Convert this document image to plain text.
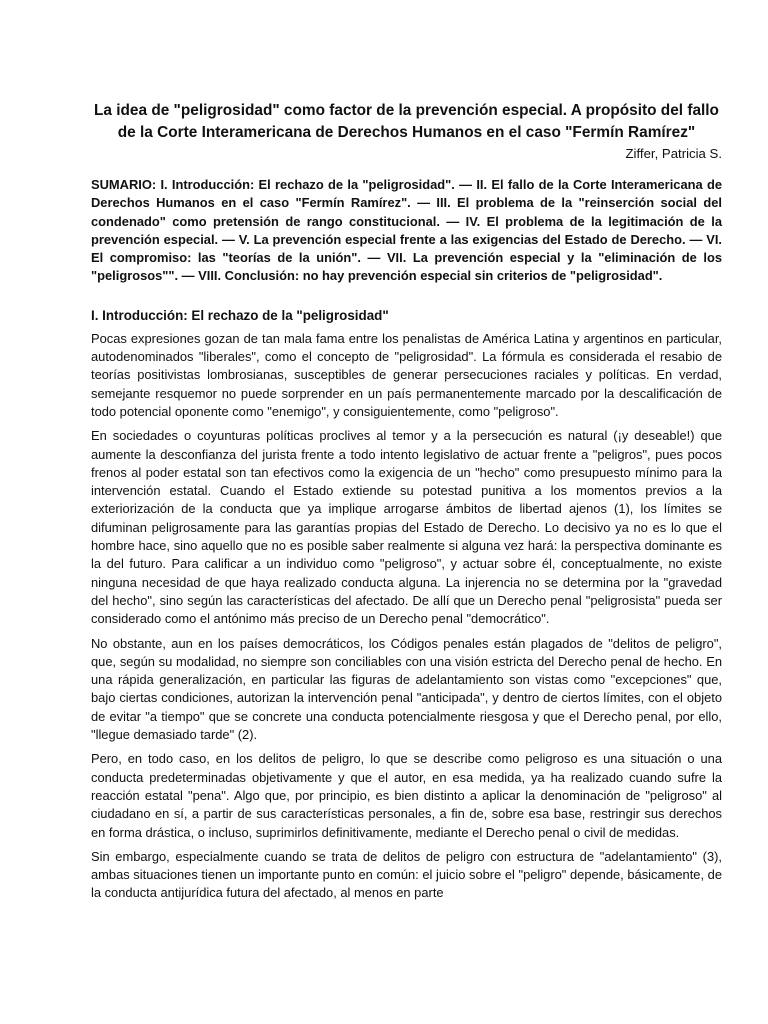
La idea de "peligrosidad" como factor de la prevención especial. A propósito del fallo de la Corte Interamericana de Derechos Humanos en el caso "Fermín Ramírez"

Ziffer, Patricia S.

SUMARIO: I. Introducción: El rechazo de la "peligrosidad". — II. El fallo de la Corte Interamericana de Derechos Humanos en el caso "Fermín Ramírez". — III. El problema de la "reinserción social del condenado" como pretensión de rango constitucional. — IV. El problema de la legitimación de la prevención especial. — V. La prevención especial frente a las exigencias del Estado de Derecho. — VI. El compromiso: las "teorías de la unión". — VII. La prevención especial y la "eliminación de los "peligrosos"". — VIII. Conclusión: no hay prevención especial sin criterios de "peligrosidad".

I. Introducción: El rechazo de la "peligrosidad"

Pocas expresiones gozan de tan mala fama entre los penalistas de América Latina y argentinos en particular, autodenominados "liberales", como el concepto de "peligrosidad". La fórmula es considerada el resabio de teorías positivistas lombrosianas, susceptibles de generar persecuciones raciales y políticas. En verdad, semejante resquemor no puede sorprender en un país permanentemente marcado por la descalificación de todo potencial oponente como "enemigo", y consiguientemente, como "peligroso".

En sociedades o coyunturas políticas proclives al temor y a la persecución es natural (¡y deseable!) que aumente la desconfianza del jurista frente a todo intento legislativo de actuar frente a "peligros", pues pocos frenos al poder estatal son tan efectivos como la exigencia de un "hecho" como presupuesto mínimo para la intervención estatal. Cuando el Estado extiende su potestad punitiva a los momentos previos a la exteriorización de la conducta que ya implique arrogarse ámbitos de libertad ajenos (1), los límites se difuminan peligrosamente para las garantías propias del Estado de Derecho. Lo decisivo ya no es lo que el hombre hace, sino aquello que no es posible saber realmente si alguna vez hará: la perspectiva dominante es la del futuro. Para calificar a un individuo como "peligroso", y actuar sobre él, conceptualmente, no existe ninguna necesidad de que haya realizado conducta alguna. La injerencia no se determina por la "gravedad del hecho", sino según las características del afectado. De allí que un Derecho penal "peligrosista" pueda ser considerado como el antónimo más preciso de un Derecho penal "democrático".

No obstante, aun en los países democráticos, los Códigos penales están plagados de "delitos de peligro", que, según su modalidad, no siempre son conciliables con una visión estricta del Derecho penal de hecho. En una rápida generalización, en particular las figuras de adelantamiento son vistas como "excepciones" que, bajo ciertas condiciones, autorizan la intervención penal "anticipada", y dentro de ciertos límites, con el objeto de evitar "a tiempo" que se concrete una conducta potencialmente riesgosa y que el Derecho penal, por ello, "llegue demasiado tarde" (2).

Pero, en todo caso, en los delitos de peligro, lo que se describe como peligroso es una situación o una conducta predeterminadas objetivamente y que el autor, en esa medida, ya ha realizado cuando sufre la reacción estatal "pena". Algo que, por principio, es bien distinto a aplicar la denominación de "peligroso" al ciudadano en sí, a partir de sus características personales, a fin de, sobre esa base, restringir sus derechos en forma drástica, o incluso, suprimirlos definitivamente, mediante el Derecho penal o civil de medidas.

Sin embargo, especialmente cuando se trata de delitos de peligro con estructura de "adelantamiento" (3), ambas situaciones tienen un importante punto en común: el juicio sobre el "peligro" depende, básicamente, de la conducta antijurídica futura del afectado, al menos en parte
